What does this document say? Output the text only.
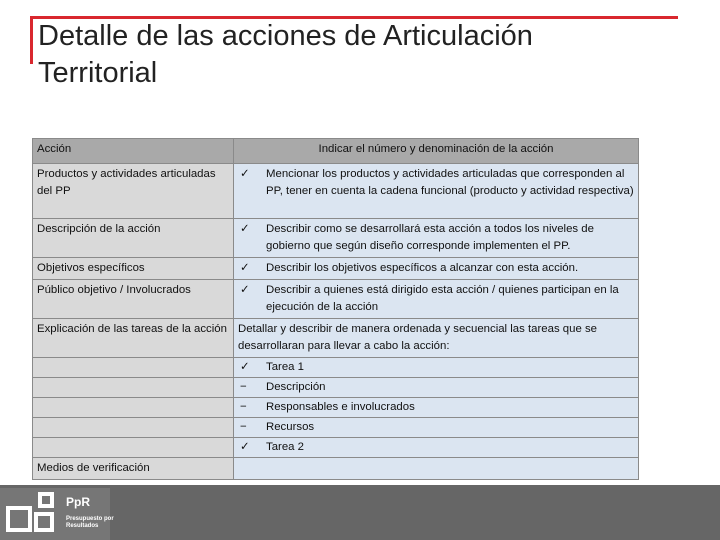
Detalle de las acciones de Articulación Territorial
Acción	Indicar el número y denominación de la acción
Productos y actividades articuladas del PP	✓ Mencionar los productos y actividades articuladas que corresponden al PP, tener en cuenta la cadena funcional (producto y actividad respectiva)

Descripción de la acción	✓ Describir como se desarrollará esta acción a todos los niveles de gobierno que según diseño corresponde implementen el PP.

Objetivos específicos	✓ Describir los objetivos específicos a alcanzar con esta acción.

Público objetivo / Involucrados	✓ Describir a quienes está dirigido esta acción / quienes participan en la ejecución de la acción

Explicación de las tareas de la acción	Detallar y describir de manera ordenada y secuencial las tareas que se desarrollaran para llevar a cabo la acción:

	✓ Tarea 1

	− Descripción

	− Responsables e involucrados

	− Recursos

	✓ Tarea 2

Medios de verificación	
PpR
Presupuesto por Resultados
